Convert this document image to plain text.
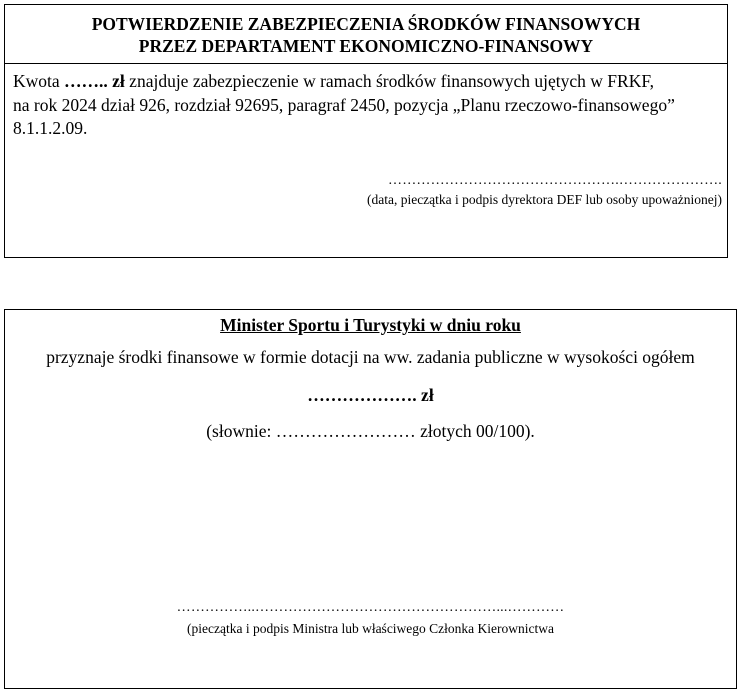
POTWIERDZENIE ZABEZPIECZENIA ŚRODKÓW FINANSOWYCH
PRZEZ DEPARTAMENT EKONOMICZNO-FINANSOWY

Kwota …….. zł znajduje zabezpieczenie w ramach środków finansowych ujętych w FRKF,

na rok 2024 dział 926, rozdział 92695, paragraf 2450, pozycja „Planu rzeczowo-finansowego”

8.1.1.2.09.

………………………………………….………………….
(data, pieczątka i podpis dyrektora DEF lub osoby upoważnionej)
Minister Sportu i Turystyki w dniu roku
przyznaje środki finansowe w formie dotacji na ww. zadania publiczne w wysokości ogółem
………………. zł
(słownie: …………………… złotych 00/100).
……………..……………………………………………...…………
(pieczątka i podpis Ministra lub właściwego Członka Kierownictwa
